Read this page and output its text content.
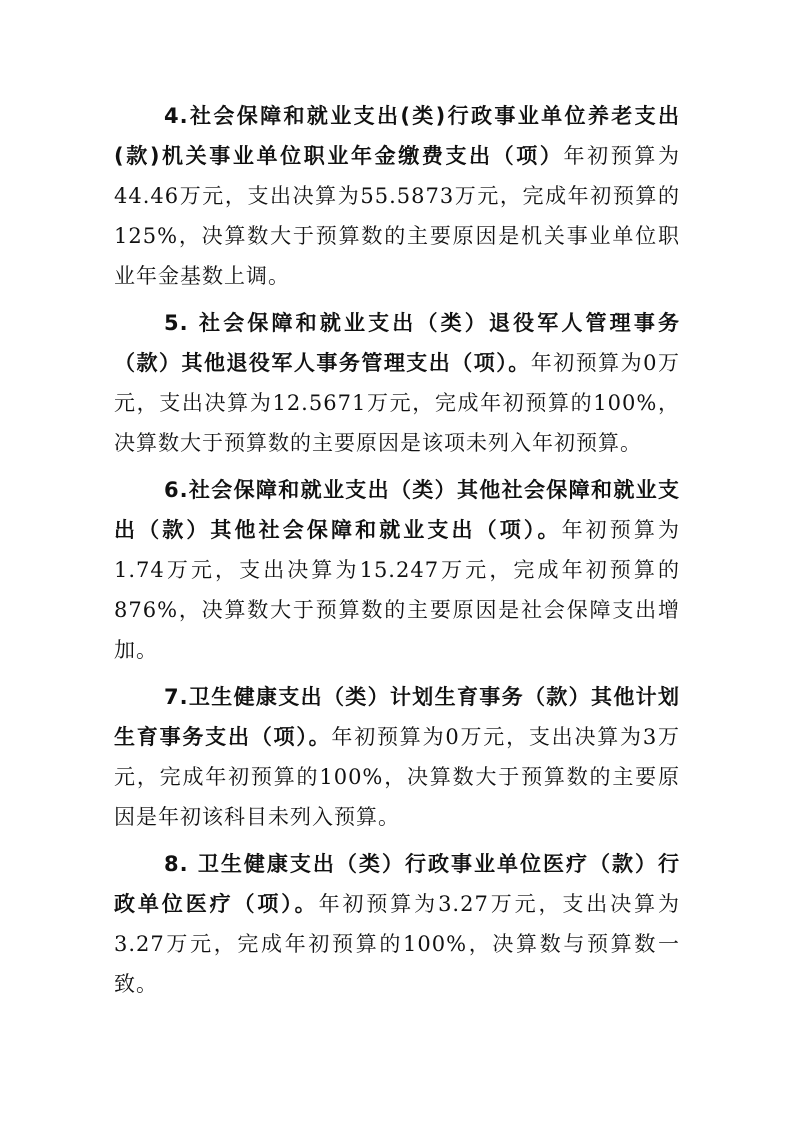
4.社会保障和就业支出(类)行政事业单位养老支出(款)机关事业单位职业年金缴费支出（项）年初预算为44.46万元，支出决算为55.5873万元，完成年初预算的125%，决算数大于预算数的主要原因是机关事业单位职业年金基数上调。

5. 社会保障和就业支出（类）退役军人管理事务（款）其他退役军人事务管理支出（项）。年初预算为0万元，支出决算为12.5671万元，完成年初预算的100%，决算数大于预算数的主要原因是该项未列入年初预算。

6.社会保障和就业支出（类）其他社会保障和就业支出（款）其他社会保障和就业支出（项）。年初预算为1.74万元，支出决算为15.247万元，完成年初预算的876%，决算数大于预算数的主要原因是社会保障支出增加。

7.卫生健康支出（类）计划生育事务（款）其他计划生育事务支出（项）。年初预算为0万元，支出决算为3万元，完成年初预算的100%，决算数大于预算数的主要原因是年初该科目未列入预算。

8. 卫生健康支出（类）行政事业单位医疗（款）行政单位医疗（项）。年初预算为3.27万元，支出决算为3.27万元，完成年初预算的100%，决算数与预算数一致。
